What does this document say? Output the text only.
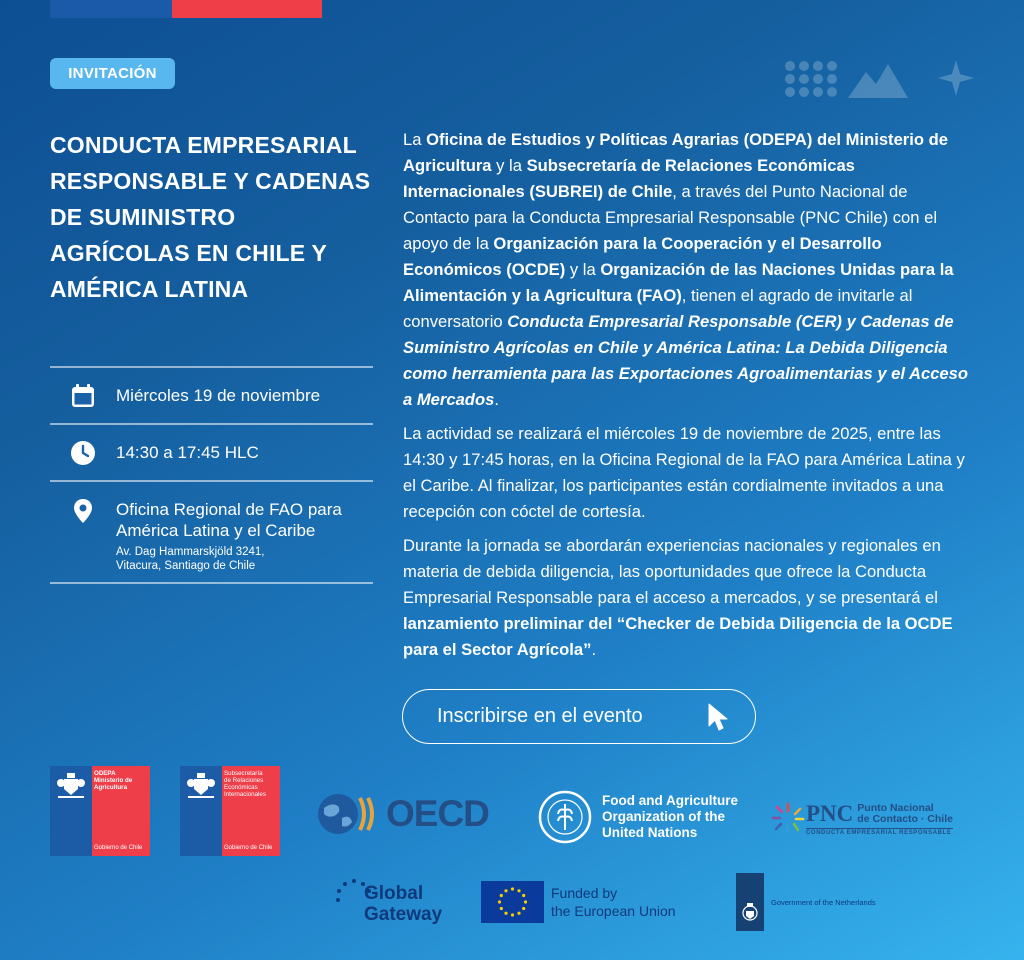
INVITACIÓN
CONDUCTA EMPRESARIAL RESPONSABLE Y CADENAS DE SUMINISTRO AGRÍCOLAS EN CHILE Y AMÉRICA LATINA
Miércoles 19 de noviembre
14:30 a 17:45 HLC
Oficina Regional de FAO para América Latina y el Caribe
Av. Dag Hammarskjöld 3241,
Vitacura, Santiago de Chile

La Oficina de Estudios y Políticas Agrarias (ODEPA) del Ministerio de Agricultura y la Subsecretaría de Relaciones Económicas Internacionales (SUBREI) de Chile, a través del Punto Nacional de Contacto para la Conducta Empresarial Responsable (PNC Chile) con el apoyo de la Organización para la Cooperación y el Desarrollo Económicos (OCDE) y la Organización de las Naciones Unidas para la Alimentación y la Agricultura (FAO), tienen el agrado de invitarle al conversatorio Conducta Empresarial Responsable (CER) y Cadenas de Suministro Agrícolas en Chile y América Latina: La Debida Diligencia como herramienta para las Exportaciones Agroalimentarias y el Acceso a Mercados.

La actividad se realizará el miércoles 19 de noviembre de 2025, entre las 14:30 y 17:45 horas, en la Oficina Regional de la FAO para América Latina y el Caribe. Al finalizar, los participantes están cordialmente invitados a una recepción con cóctel de cortesía.

Durante la jornada se abordarán experiencias nacionales y regionales en materia de debida diligencia, las oportunidades que ofrece la Conducta Empresarial Responsable para el acceso a mercados, y se presentará el lanzamiento preliminar del “Checker de Debida Diligencia de la OCDE para el Sector Agrícola”.

Inscribirse en el evento
ODEPA
Ministerio de
Agricultura
Gobierno de Chile
Subsecretaría
de Relaciones
Económicas
Internacionales
Gobierno de Chile
OECD	Food and Agriculture
Organization of the
United Nations
PNC Punto Nacional
de Contacto · Chile
CONDUCTA EMPRESARIAL RESPONSABLE
Global
Gateway
Funded by
the European Union
Government of the Netherlands
